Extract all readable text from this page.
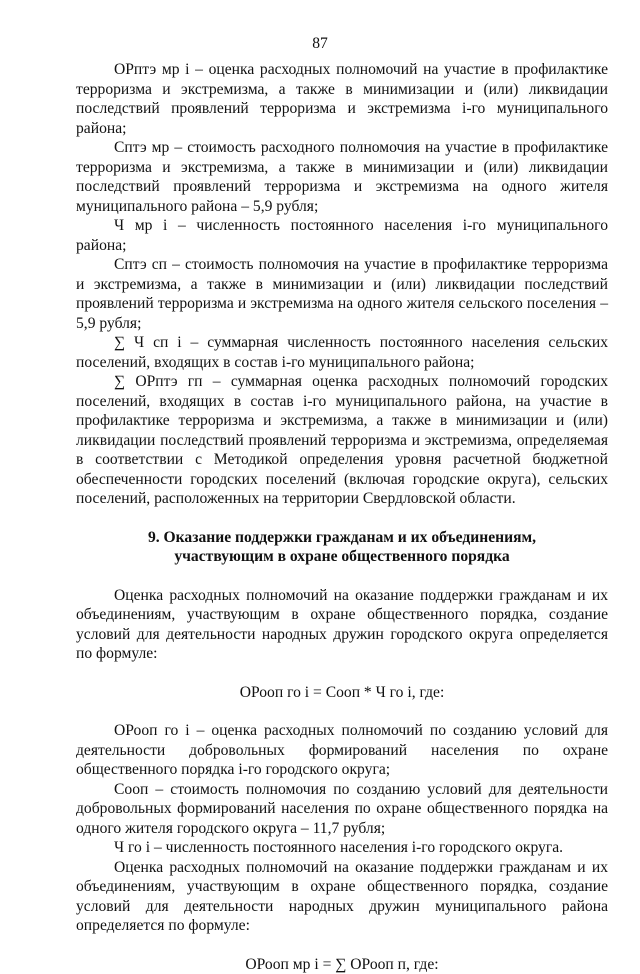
87

ОРптэ мр i – оценка расходных полномочий на участие в профилактике терроризма и экстремизма, а также в минимизации и (или) ликвидации последствий проявлений терроризма и экстремизма i-го муниципального района;

Сптэ мр – стоимость расходного полномочия на участие в профилактике терроризма и экстремизма, а также в минимизации и (или) ликвидации последствий проявлений терроризма и экстремизма на одного жителя муниципального района – 5,9 рубля;

Ч мр i – численность постоянного населения i-го муниципального района;

Сптэ сп – стоимость полномочия на участие в профилактике терроризма и экстремизма, а также в минимизации и (или) ликвидации последствий проявлений терроризма и экстремизма на одного жителя сельского поселения – 5,9 рубля;

∑ Ч сп i – суммарная численность постоянного населения сельских поселений, входящих в состав i-го муниципального района;

∑ ОРптэ гп – суммарная оценка расходных полномочий городских поселений, входящих в состав i-го муниципального района, на участие в профилактике терроризма и экстремизма, а также в минимизации и (или) ликвидации последствий проявлений терроризма и экстремизма, определяемая в соответствии с Методикой определения уровня расчетной бюджетной обеспеченности городских поселений (включая городские округа), сельских поселений, расположенных на территории Свердловской области.

9. Оказание поддержки гражданам и их объединениям,

участвующим в охране общественного порядка

Оценка расходных полномочий на оказание поддержки гражданам и их объединениям, участвующим в охране общественного порядка, создание условий для деятельности народных дружин городского округа определяется по формуле:

ОРооп го i = Сооп * Ч го i, где:

ОРооп го i – оценка расходных полномочий по созданию условий для деятельности добровольных формирований населения по охране общественного порядка i-го городского округа;

Сооп – стоимость полномочия по созданию условий для деятельности добровольных формирований населения по охране общественного порядка на одного жителя городского округа – 11,7 рубля;

Ч го i – численность постоянного населения i-го городского округа.

Оценка расходных полномочий на оказание поддержки гражданам и их объединениям, участвующим в охране общественного порядка, создание условий для деятельности народных дружин муниципального района определяется по формуле:

ОРооп мр i = ∑ ОРооп п, где:
